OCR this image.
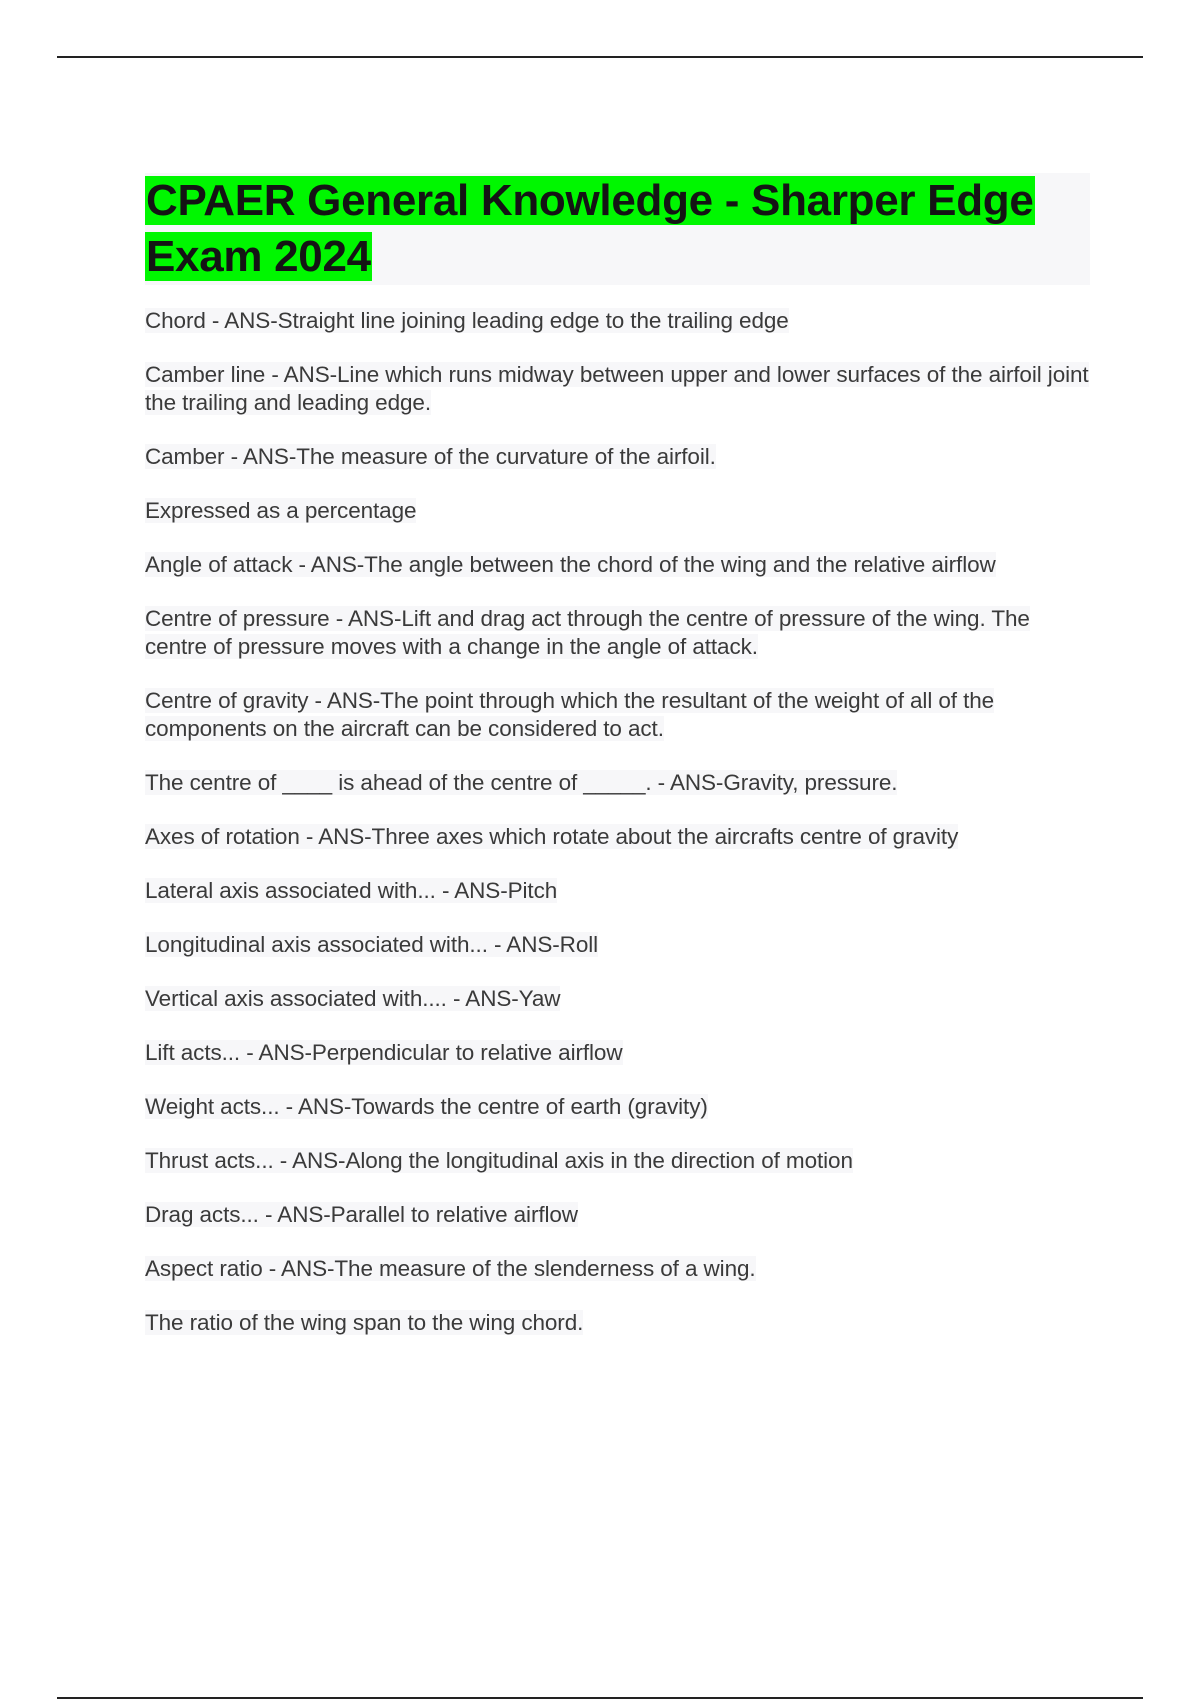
CPAER General Knowledge - Sharper Edge Exam 2024

Chord - ANS-Straight line joining leading edge to the trailing edge

Camber line - ANS-Line which runs midway between upper and lower surfaces of the airfoil joint the trailing and leading edge.

Camber - ANS-The measure of the curvature of the airfoil.

Expressed as a percentage

Angle of attack - ANS-The angle between the chord of the wing and the relative airflow

Centre of pressure - ANS-Lift and drag act through the centre of pressure of the wing. The centre of pressure moves with a change in the angle of attack.

Centre of gravity - ANS-The point through which the resultant of the weight of all of the components on the aircraft can be considered to act.

The centre of ____ is ahead of the centre of _____. - ANS-Gravity, pressure.

Axes of rotation - ANS-Three axes which rotate about the aircrafts centre of gravity

Lateral axis associated with... - ANS-Pitch

Longitudinal axis associated with... - ANS-Roll

Vertical axis associated with.... - ANS-Yaw

Lift acts... - ANS-Perpendicular to relative airflow

Weight acts... - ANS-Towards the centre of earth (gravity)

Thrust acts... - ANS-Along the longitudinal axis in the direction of motion

Drag acts... - ANS-Parallel to relative airflow

Aspect ratio - ANS-The measure of the slenderness of a wing.

The ratio of the wing span to the wing chord.
